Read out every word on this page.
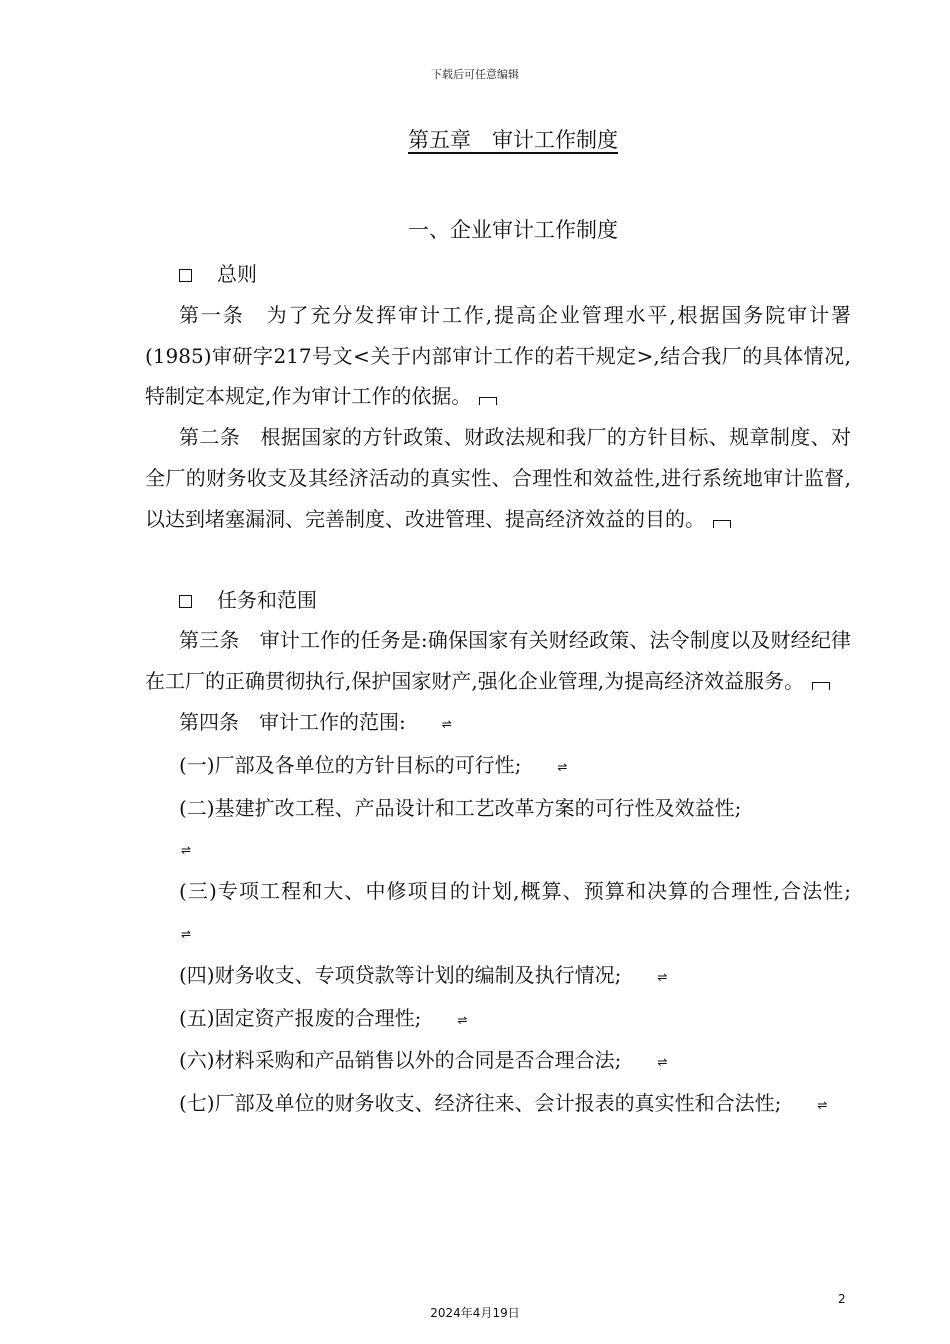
下载后可任意编辑
第五章　审计工作制度
一、企业审计工作制度

总则

第一条　为了充分发挥审计工作,提高企业管理水平,根据国务院审计署(1985)审研字217号文<关于内部审计工作的若干规定>,结合我厂的具体情况,特制定本规定,作为审计工作的依据。

第二条　根据国家的方针政策、财政法规和我厂的方针目标、规章制度、对全厂的财务收支及其经济活动的真实性、合理性和效益性,进行系统地审计监督,以达到堵塞漏洞、完善制度、改进管理、提高经济效益的目的。

任务和范围

第三条　审计工作的任务是:确保国家有关财经政策、法令制度以及财经纪律在工厂的正确贯彻执行,保护国家财产,强化企业管理,为提高经济效益服务。

第四条　审计工作的范围:	⇌

(一)厂部及各单位的方针目标的可行性;	⇌

(二)基建扩改工程、产品设计和工艺改革方案的可行性及效益性;
⇌

(三)专项工程和大、中修项目的计划,概算、预算和决算的合理性,合法性;⇌

(四)财务收支、专项贷款等计划的编制及执行情况;	⇌

(五)固定资产报废的合理性;	⇌

(六)材料采购和产品销售以外的合同是否合理合法;	⇌

(七)厂部及单位的财务收支、经济往来、会计报表的真实性和合法性;	⇌

2
2024年4月19日
